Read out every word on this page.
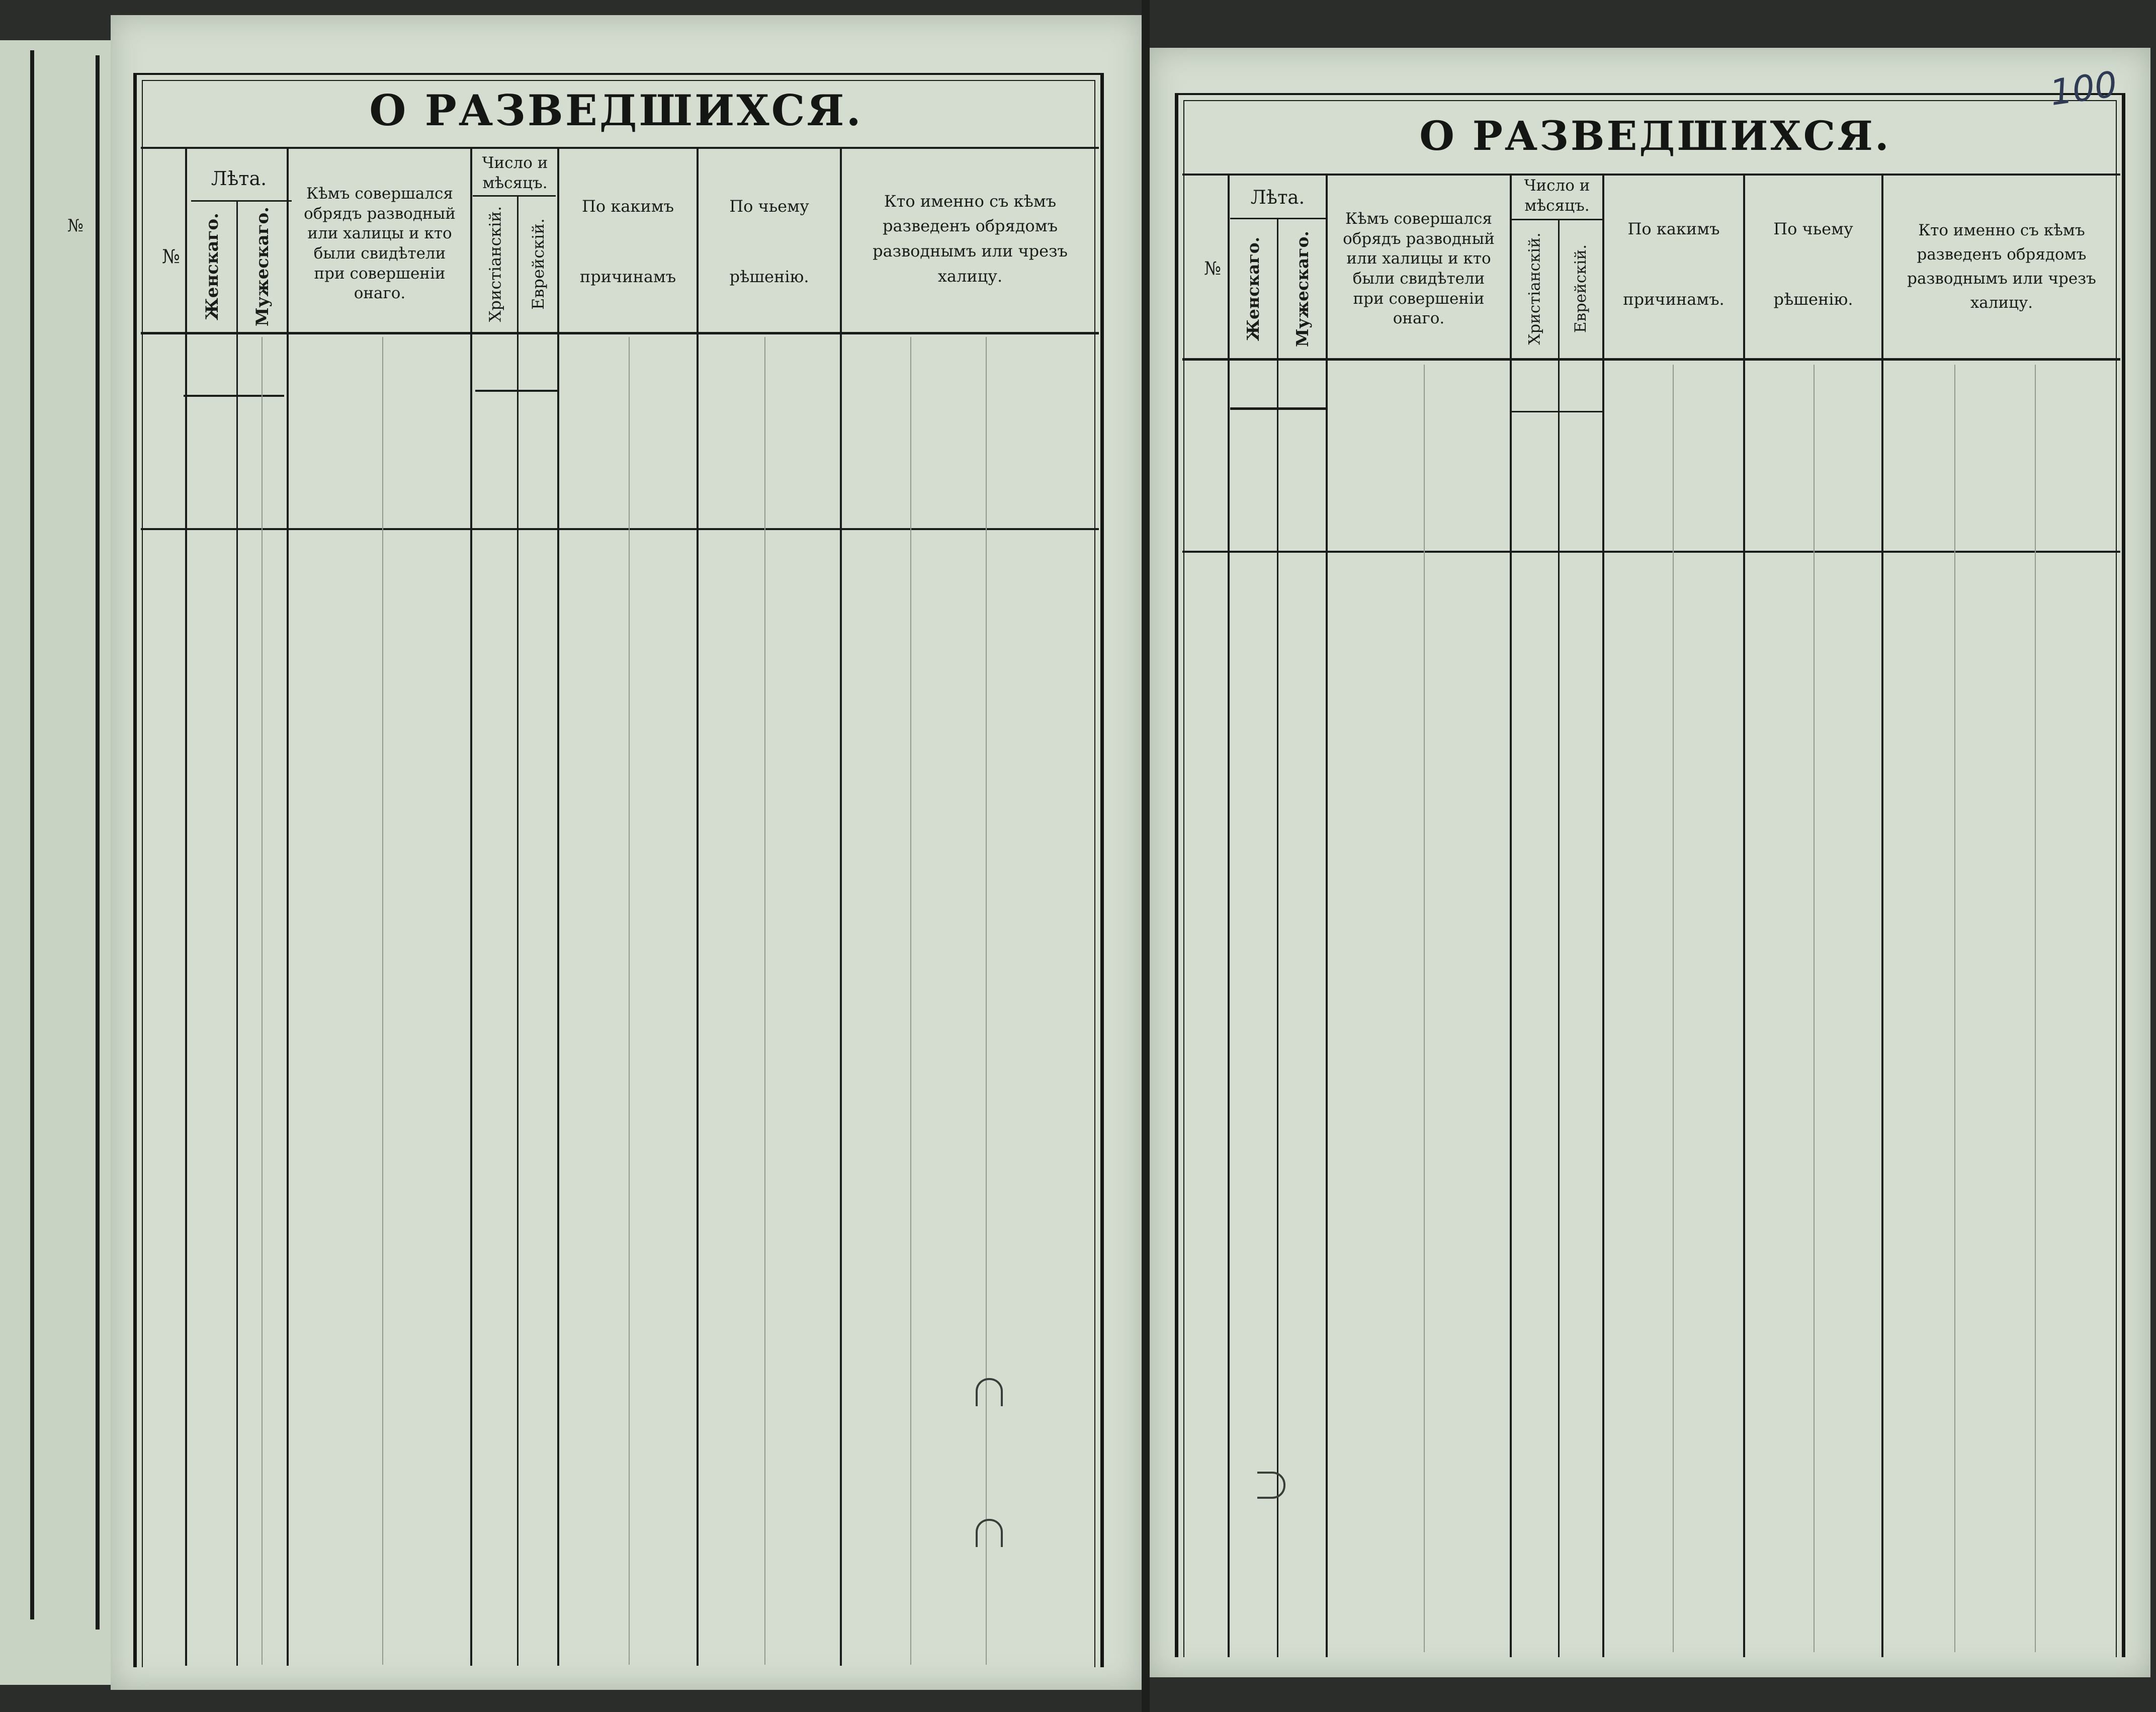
№
О РАЗВЕДШИХСЯ.
№
Лѣта.
Женскаго. Мужескаго.
Кѣмъ совершался
обрядъ разводный
или халицы и кто
были свидѣтели
при совершеніи
онаго.
Число и
мѣсяцъ.
Христіанскій. Еврейскій.
По какимъ
причинамъ
По чьему
рѣшенію.
Кто именно съ кѣмъ
разведенъ обрядомъ
разводнымъ или чрезъ
халицу.
100
О РАЗВЕДШИХСЯ.
№
Лѣта.
Женскаго. Мужескаго.
Кѣмъ совершался
обрядъ разводный
или халицы и кто
были свидѣтели
при совершеніи
онаго.
Число и
мѣсяцъ.
Христіанскій. Еврейскій.
По какимъ
причинамъ.
По чьему
рѣшенію.
Кто именно съ кѣмъ
разведенъ обрядомъ
разводнымъ или чрезъ
халицу.
